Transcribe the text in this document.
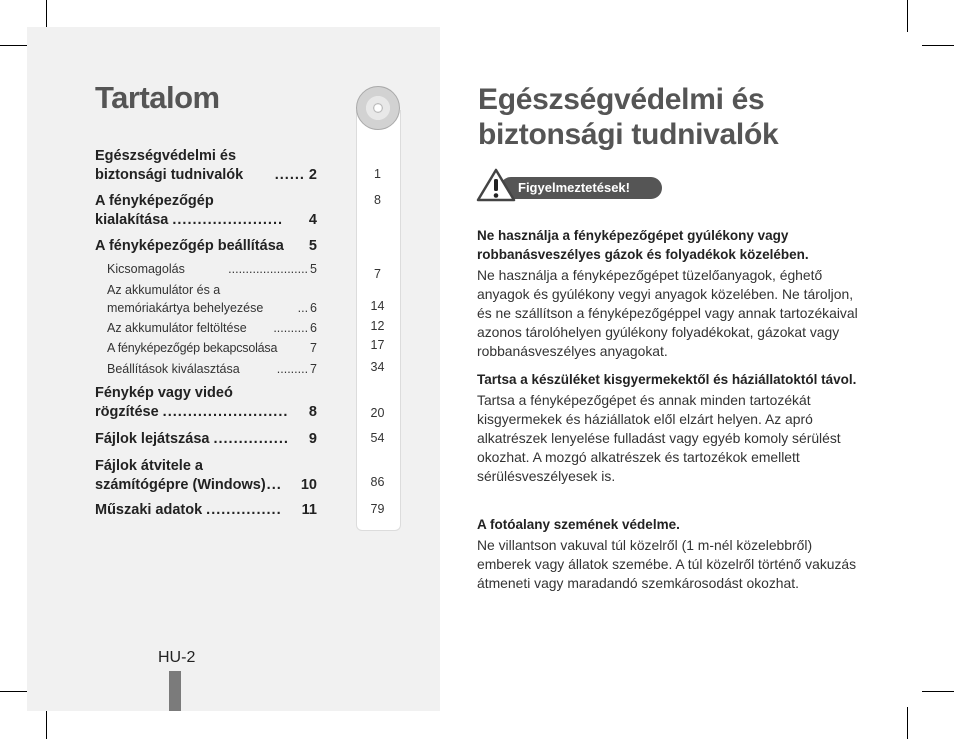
Tartalom
Egészségvédelmi és
biztonsági tudnivalók	...... 2
A fényképezőgép
kialakítása ......................	4
A fényképezőgép beállítása 5
Kicsomagolás	....................... 5
Az akkumulátor és a
memóriakártya behelyezése	... 6
Az akkumulátor feltöltése	.......... 6
A fényképezőgép bekapcsolása	7
Beállítások kiválasztása	......... 7
Fénykép vagy videó
rögzítése .........................	8
Fájlok lejátszása ...............	9
Fájlok átvitele a
számítógépre (Windows) ...	10
Műszaki adatok ...............	11
1
8
7
14
12
17
34
20
54
86
79
HU-2
Egészségvédelmi és
biztonsági tudnivalók
Figyelmeztetések!
Ne használja a fényképezőgépet gyúlékony vagy robbanásveszélyes gázok és folyadékok közelében.
Ne használja a fényképezőgépet tüzelőanyagok, éghető anyagok és gyúlékony vegyi anyagok közelében. Ne tároljon, és ne szállítson a fényképezőgéppel vagy annak tartozékaival azonos tárolóhelyen gyúlékony folyadékokat, gázokat vagy robbanásveszélyes anyagokat.
Tartsa a készüléket kisgyermekektől és háziállatoktól távol.
Tartsa a fényképezőgépet és annak minden tartozékát kisgyermekek és háziállatok elől elzárt helyen. Az apró alkatrészek lenyelése fulladást vagy egyéb komoly sérülést okozhat. A mozgó alkatrészek és tartozékok emellett sérülésveszélyesek is.
A fotóalany szemének védelme.
Ne villantson vakuval túl közelről (1 m-nél közelebbről) emberek vagy állatok szemébe. A túl közelről történő vakuzás átmeneti vagy maradandó szemkárosodást okozhat.
